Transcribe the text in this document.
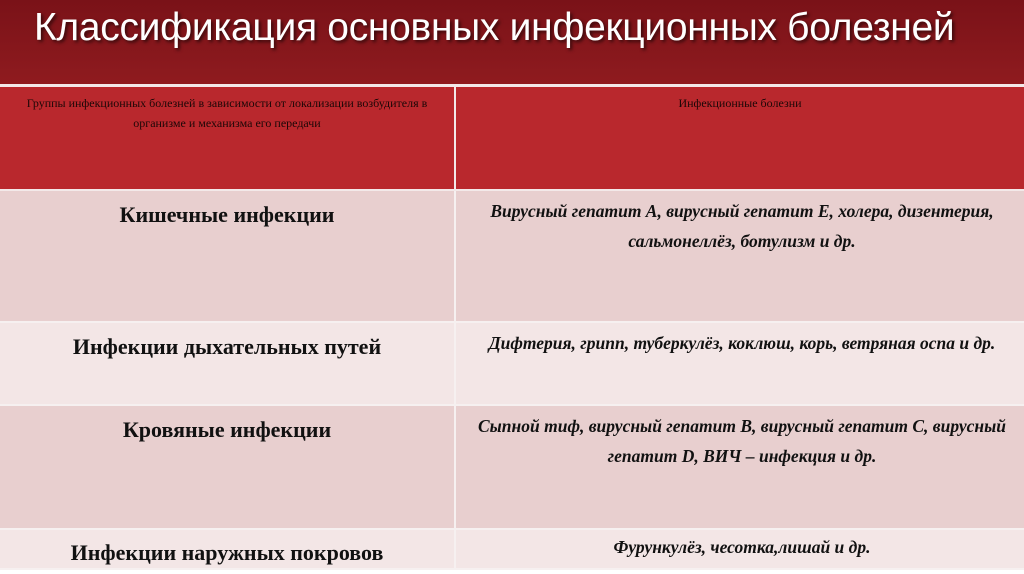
Классификация основных инфекционных болезней
Группы инфекционных болезней в зависимости от локализации возбудителя в организме и механизма его передачи	Инфекционные болезни
Кишечные инфекции	Вирусный гепатит А, вирусный гепатит Е, холера, дизентерия, сальмонеллёз, ботулизм и др.
Инфекции дыхательных путей	Дифтерия, грипп, туберкулёз, коклюш, корь, ветряная оспа и др.
Кровяные инфекции	Сыпной тиф, вирусный гепатит В, вирусный гепатит С, вирусный гепатит D, ВИЧ – инфекция и др.
Инфекции наружных покровов	Фурункулёз, чесотка,лишай и др.
